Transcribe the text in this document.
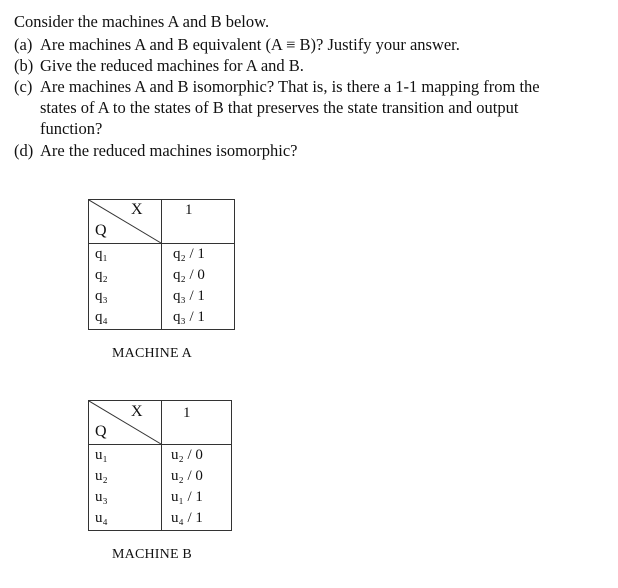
Consider the machines A and B below.
(a) Are machines A and B equivalent (A ≡ B)? Justify your answer.
(b) Give the reduced machines for A and B.
(c) Are machines A and B isomorphic? That is, is there a 1-1 mapping from the
states of A to the states of B that preserves the state transition and output
function?
(d) Are the reduced machines isomorphic?
X
Q
1
q₁	q₂ / 1
q₂	q₂ / 0
q₃	q₃ / 1
q₄	q₃ / 1
MACHINE A
X
Q
1
u₁	u₂ / 0
u₂	u₂ / 0
u₃	u₁ / 1
u₄	u₄ / 1
MACHINE B
